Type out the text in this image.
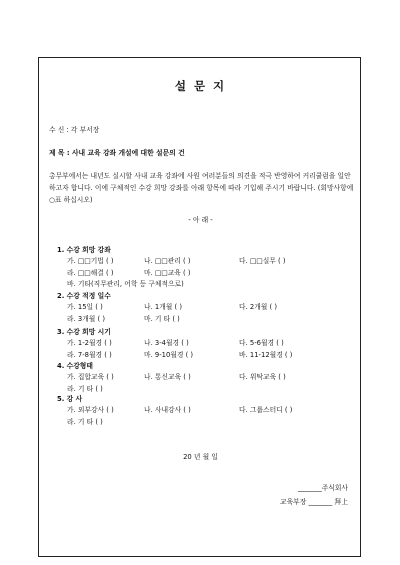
설 문 지
수 신 : 각 부서장
제 목 : 사내 교육 강좌 개설에 대한 설문의 건
총무부에서는 내년도 실시할 사내 교육 강좌에 사원 여러분들의 의견을 적극 반영하여 커리큘럼을 일안하고자 합니다. 이에 구체적인 수강 희망 강좌를 아래 항목에 따라 기입해 주시기 바랍니다. (회망사항에 ○표 하십시오)
- 아 래 -
1. 수강 희망 강좌
가. □□기법 ( )	나. □□관리 ( )	다. □□실무 ( )
라. □□해결 ( )	마. □□교육 ( )
바. 기타(직무관리, 어학 등 구체적으로)
2. 수강 적정 일수
가. 15일 ( )	나. 1개월 ( )	다. 2개월 ( )
라. 3개월 ( )	마. 기 타 ( )
3. 수강 희망 시기
가. 1-2월경 ( )	나. 3-4월경 ( )	다. 5-6월경 ( )
라. 7-8월경 ( )	마. 9-10월경 ( )	바. 11-12월경 ( )
4. 수강형태
가. 집합교육 ( )	나. 통신교육 ( )	다. 위탁교육 ( )
라. 기 타 ( )
5. 강 사
가. 외부강사 ( )	나. 사내강사 ( )	다. 그룹스터디 ( )
라. 기 타 ( )
20 년 월 일
_______주식회사
교육부장 _______ 拜上
